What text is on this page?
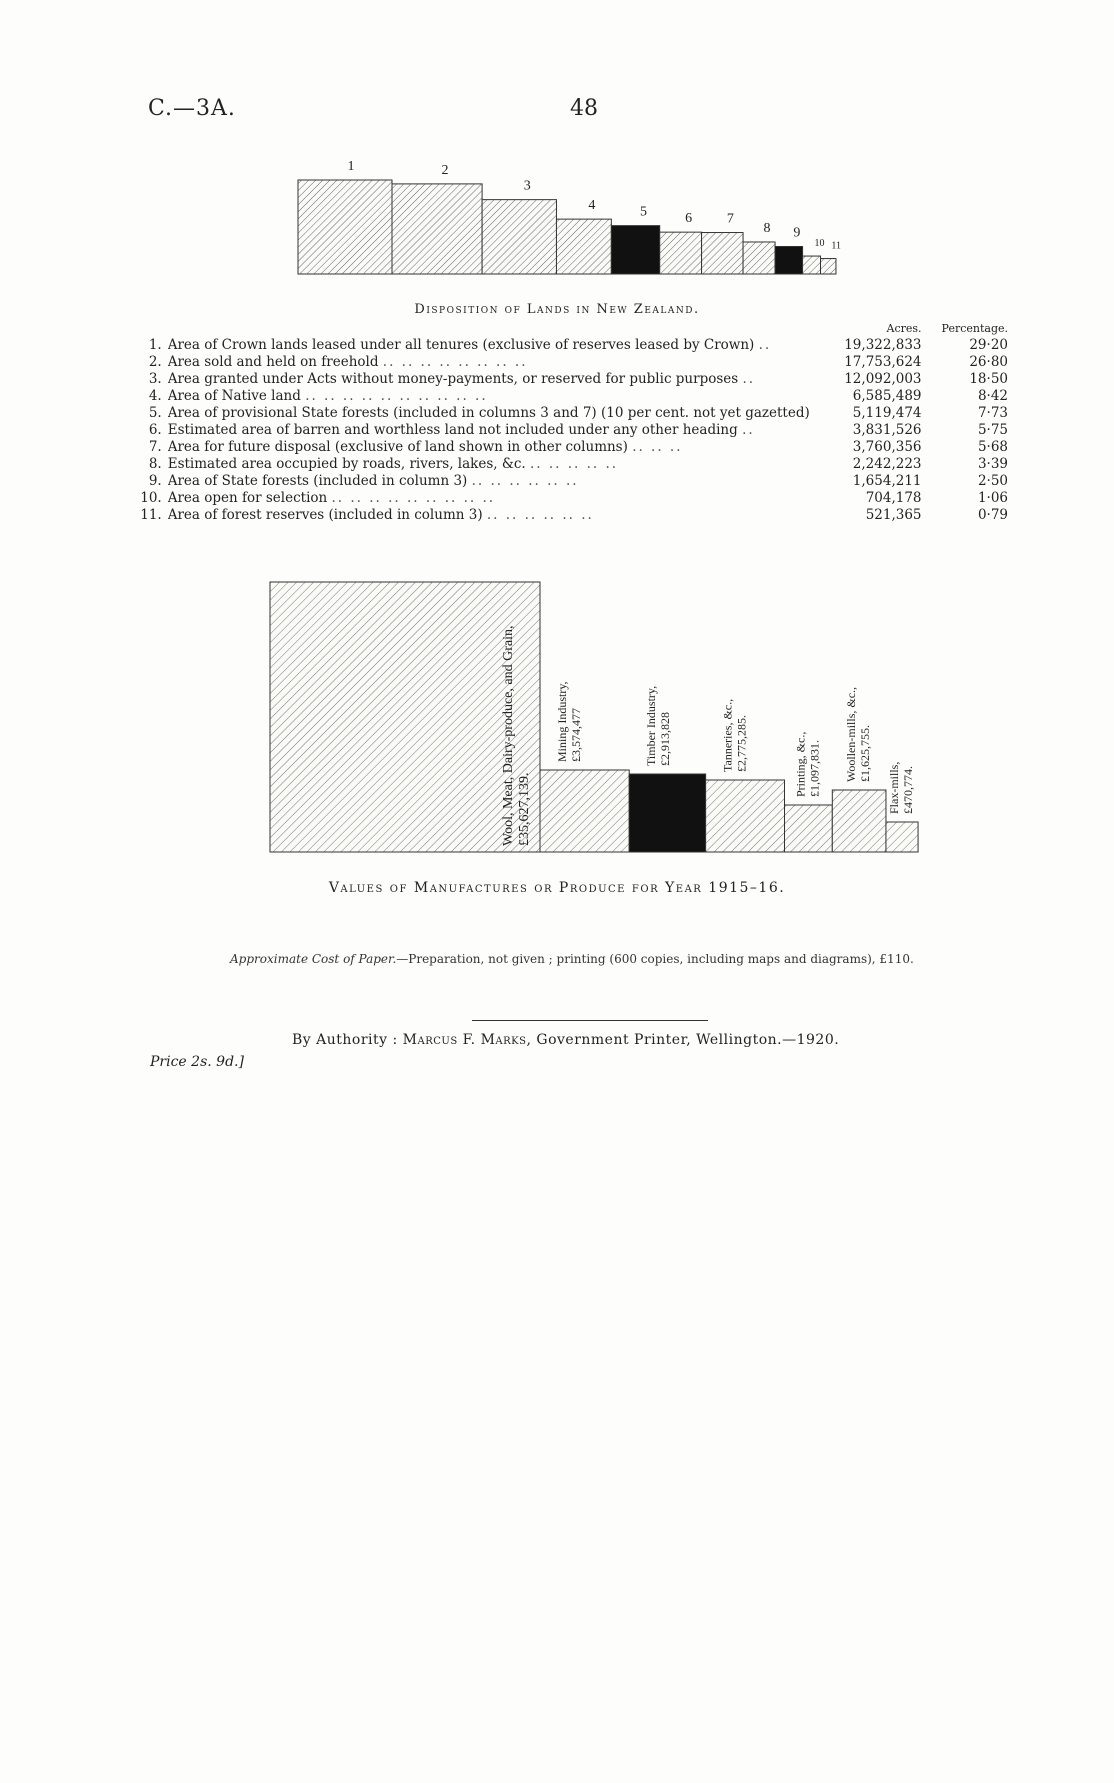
C.—3A.	48
1	2
3
4	5	6 7
8 9
10 11
Disposition of Lands in New Zealand.
		Acres.	Percentage.
1.	Area of Crown lands leased under all tenures (exclusive of reserves leased by Crown) ..	19,322,833	29·20
2.	Area sold and held on freehold .. .. .. .. .. .. .. ..	17,753,624	26·80
3.	Area granted under Acts without money-payments, or reserved for public purposes ..	12,092,003	18·50
4.	Area of Native land .. .. .. .. .. .. .. .. .. ..	6,585,489	8·42
5.	Area of provisional State forests (included in columns 3 and 7) (10 per cent. not yet gazetted)	5,119,474	7·73
6.	Estimated area of barren and worthless land not included under any other heading ..	3,831,526	5·75
7.	Area for future disposal (exclusive of land shown in other columns) .. .. ..	3,760,356	5·68
8.	Estimated area occupied by roads, rivers, lakes, &c. .. .. .. .. ..	2,242,223	3·39
9.	Area of State forests (included in column 3) .. .. .. .. .. ..	1,654,211	2·50
10.	Area open for selection .. .. .. .. .. .. .. .. ..	704,178	1·06
11.	Area of forest reserves (included in column 3) .. .. .. .. .. ..	521,365	0·79
Wool, Meat, Dairy-produce, and Grain, £35,627,139.
Mining Industry, £3,574,477	Timber Industry, £2,913,828	Tanneries, &c., £2,775,285.	Printing, &c., £1,097,831. Woollen-mills, &c., £1,625,755.
Flax-mills, £470,774.
Values of Manufactures or Produce for Year 1915–16.
Approximate Cost of Paper.—Preparation, not given ; printing (600 copies, including maps and diagrams), £110.
By Authority : Marcus F. Marks, Government Printer, Wellington.—1920.
Price 2s. 9d.]
